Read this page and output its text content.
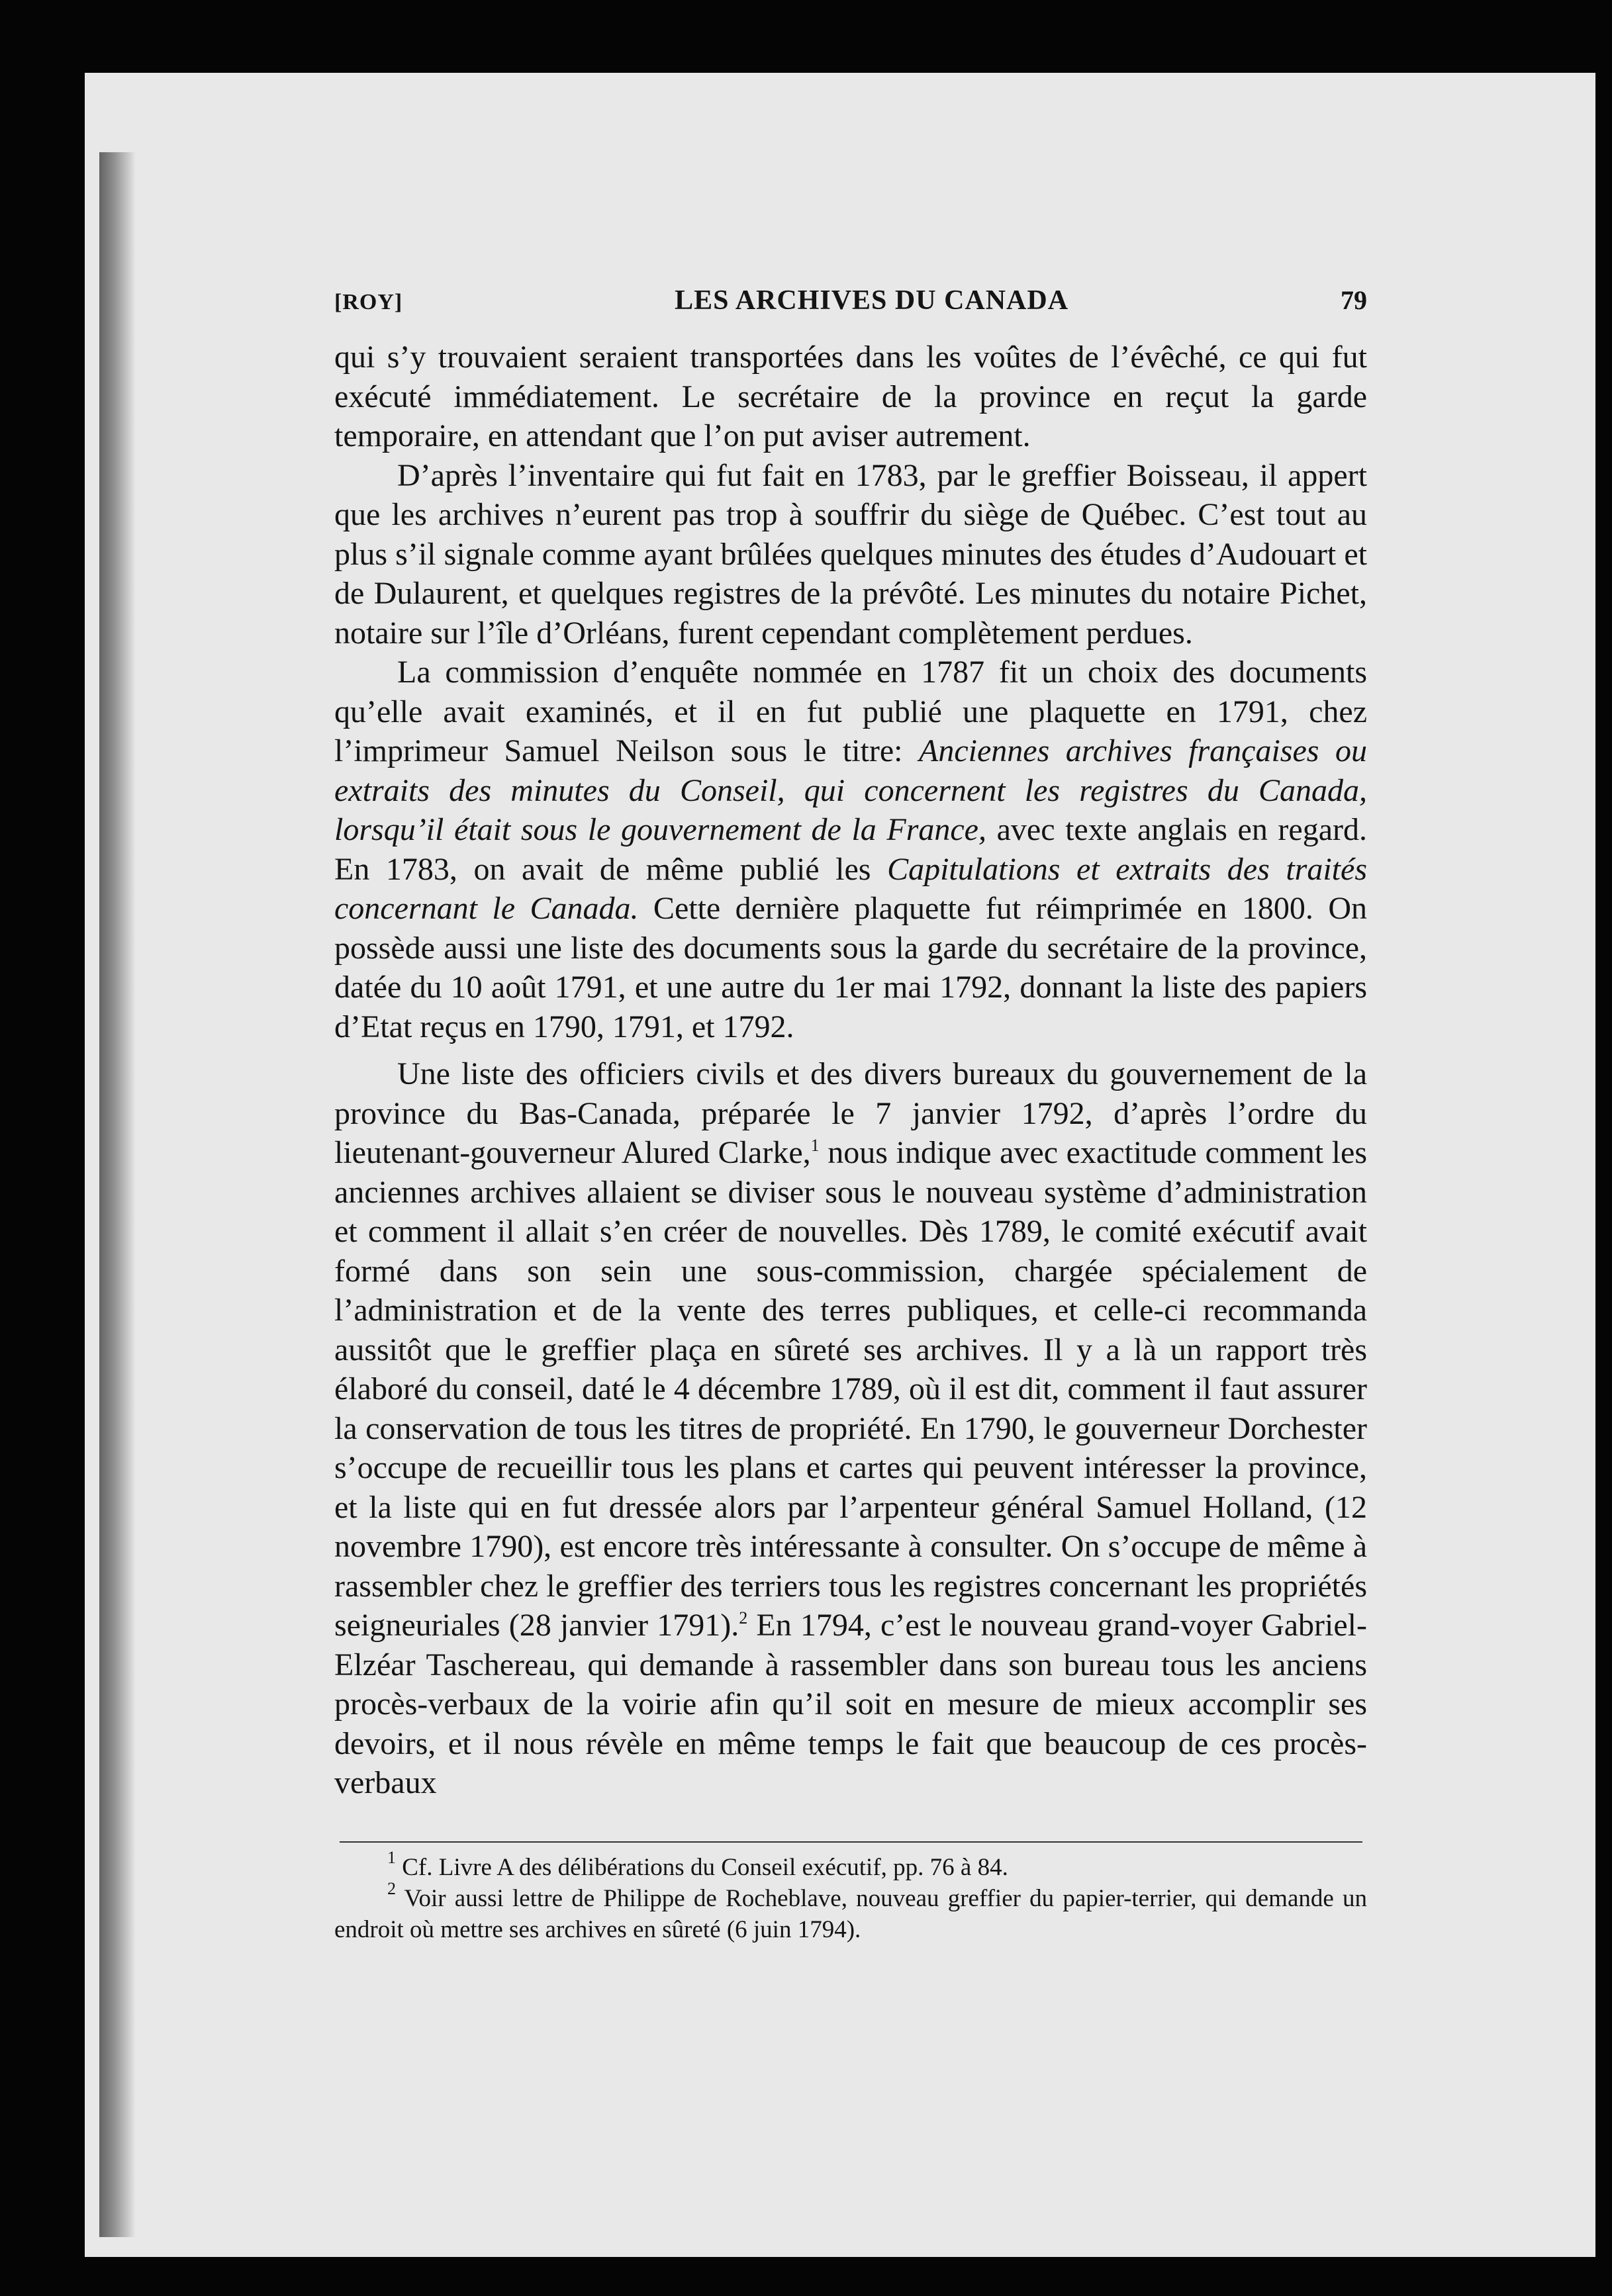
[ROY]	LES ARCHIVES DU CANADA	79

qui s’y trouvaient seraient transportées dans les voûtes de l’évêché, ce qui fut exécuté immédiatement. Le secrétaire de la province en reçut la garde temporaire, en attendant que l’on put aviser autrement.

D’après l’inventaire qui fut fait en 1783, par le greffier Boisseau, il appert que les archives n’eurent pas trop à souffrir du siège de Québec. C’est tout au plus s’il signale comme ayant brûlées quelques minutes des études d’Audouart et de Dulaurent, et quelques registres de la prévôté. Les minutes du notaire Pichet, notaire sur l’île d’Orléans, furent cependant complètement perdues.

La commission d’enquête nommée en 1787 fit un choix des documents qu’elle avait examinés, et il en fut publié une plaquette en 1791, chez l’imprimeur Samuel Neilson sous le titre: Anciennes archives françaises ou extraits des minutes du Conseil, qui concernent les registres du Canada, lorsqu’il était sous le gouvernement de la France, avec texte anglais en regard. En 1783, on avait de même publié les Capitulations et extraits des traités concernant le Canada. Cette dernière plaquette fut réimprimée en 1800. On possède aussi une liste des documents sous la garde du secrétaire de la province, datée du 10 août 1791, et une autre du 1er mai 1792, donnant la liste des papiers d’Etat reçus en 1790, 1791, et 1792.

Une liste des officiers civils et des divers bureaux du gouvernement de la province du Bas-Canada, préparée le 7 janvier 1792, d’après l’ordre du lieutenant-gouverneur Alured Clarke,$^1$ nous indique avec exactitude comment les anciennes archives allaient se diviser sous le nouveau système d’administration et comment il allait s’en créer de nouvelles. Dès 1789, le comité exécutif avait formé dans son sein une sous-commission, chargée spécialement de l’administration et de la vente des terres publiques, et celle-ci recommanda aussitôt que le greffier plaça en sûreté ses archives. Il y a là un rapport très élaboré du conseil, daté le 4 décembre 1789, où il est dit, comment il faut assurer la conservation de tous les titres de propriété. En 1790, le gouverneur Dorchester s’occupe de recueillir tous les plans et cartes qui peuvent intéresser la province, et la liste qui en fut dressée alors par l’arpenteur général Samuel Holland, (12 novembre 1790), est encore très intéressante à consulter. On s’occupe de même à rassembler chez le greffier des terriers tous les registres concernant les propriétés seigneuriales (28 janvier 1791).$^2$ En 1794, c’est le nouveau grand-voyer Gabriel-Elzéar Taschereau, qui demande à rassembler dans son bureau tous les anciens procès-verbaux de la voirie afin qu’il soit en mesure de mieux accomplir ses devoirs, et il nous révèle en même temps le fait que beaucoup de ces procès-verbaux

$^1$ Cf. Livre A des délibérations du Conseil exécutif, pp. 76 à 84.

$^2$ Voir aussi lettre de Philippe de Rocheblave, nouveau greffier du papier-terrier, qui demande un endroit où mettre ses archives en sûreté (6 juin 1794).
